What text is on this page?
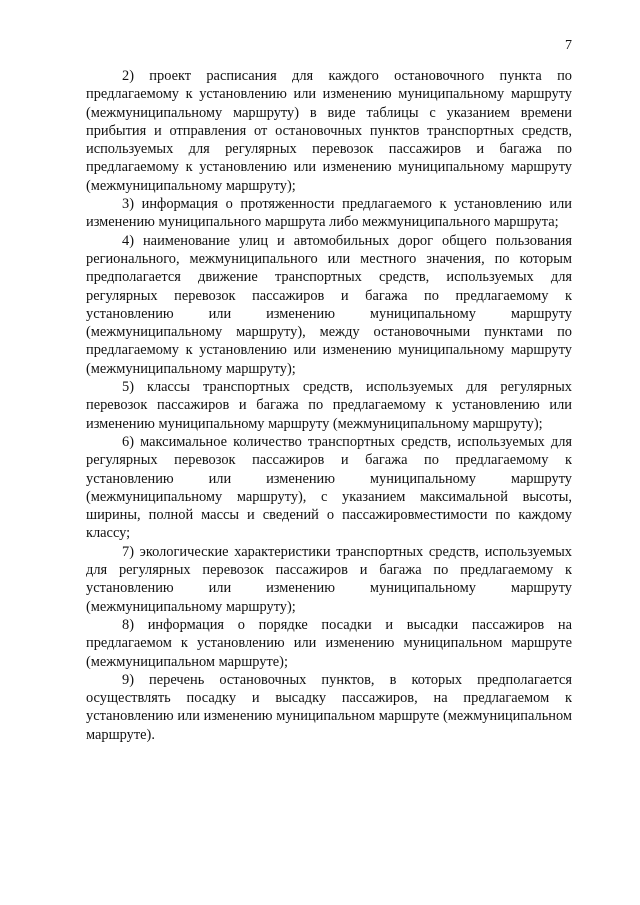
7

2) проект расписания для каждого остановочного пункта по предлагаемому к установлению или изменению муниципальному маршруту (межмуниципальному маршруту) в виде таблицы с указанием времени прибытия и отправления от остановочных пунктов транспортных средств, используемых для регулярных перевозок пассажиров и багажа по предлагаемому к установлению или изменению муниципальному маршруту (межмуниципальному маршруту);

3) информация о протяженности предлагаемого к установлению или изменению муниципального маршрута либо межмуниципального маршрута;

4) наименование улиц и автомобильных дорог общего пользования регионального, межмуниципального или местного значения, по которым предполагается движение транспортных средств, используемых для регулярных перевозок пассажиров и багажа по предлагаемому к установлению или изменению муниципальному маршруту (межмуниципальному маршруту), между остановочными пунктами по предлагаемому к установлению или изменению муниципальному маршруту (межмуниципальному маршруту);

5) классы транспортных средств, используемых для регулярных перевозок пассажиров и багажа по предлагаемому к установлению или изменению муниципальному маршруту (межмуниципальному маршруту);

6) максимальное количество транспортных средств, используемых для регулярных перевозок пассажиров и багажа по предлагаемому к установлению или изменению муниципальному маршруту (межмуниципальному маршруту), с указанием максимальной высоты, ширины, полной массы и сведений о пассажировместимости по каждому классу;

7) экологические характеристики транспортных средств, используемых для регулярных перевозок пассажиров и багажа по предлагаемому к установлению или изменению муниципальному маршруту (межмуниципальному маршруту);

8) информация о порядке посадки и высадки пассажиров на предлагаемом к установлению или изменению муниципальном маршруте (межмуниципальном маршруте);

9) перечень остановочных пунктов, в которых предполагается осуществлять посадку и высадку пассажиров, на предлагаемом к установлению или изменению муниципальном маршруте (межмуниципальном маршруте).
